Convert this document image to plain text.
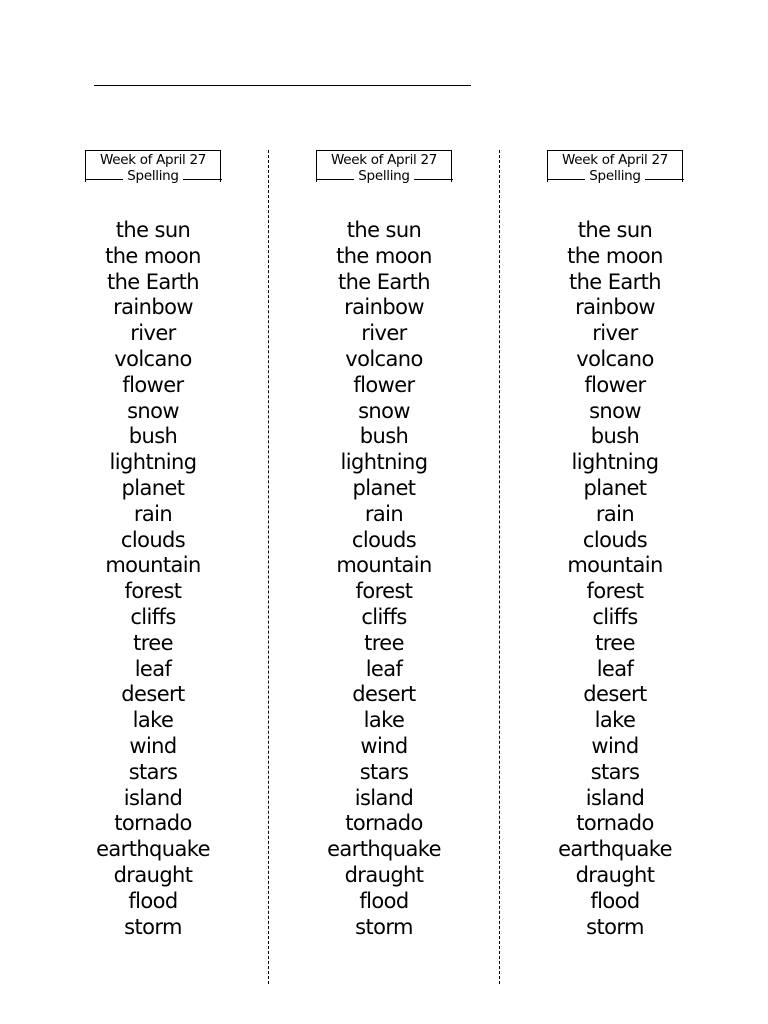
Week of April 27
Spelling
the sun
the moon
the Earth
rainbow
river
volcano
flower
snow
bush
lightning
planet
rain
clouds
mountain
forest
cliffs
tree
leaf
desert
lake
wind
stars
island
tornado
earthquake
draught
flood
storm
Week of April 27
Spelling
the sun
the moon
the Earth
rainbow
river
volcano
flower
snow
bush
lightning
planet
rain
clouds
mountain
forest
cliffs
tree
leaf
desert
lake
wind
stars
island
tornado
earthquake
draught
flood
storm
Week of April 27
Spelling
the sun
the moon
the Earth
rainbow
river
volcano
flower
snow
bush
lightning
planet
rain
clouds
mountain
forest
cliffs
tree
leaf
desert
lake
wind
stars
island
tornado
earthquake
draught
flood
storm
